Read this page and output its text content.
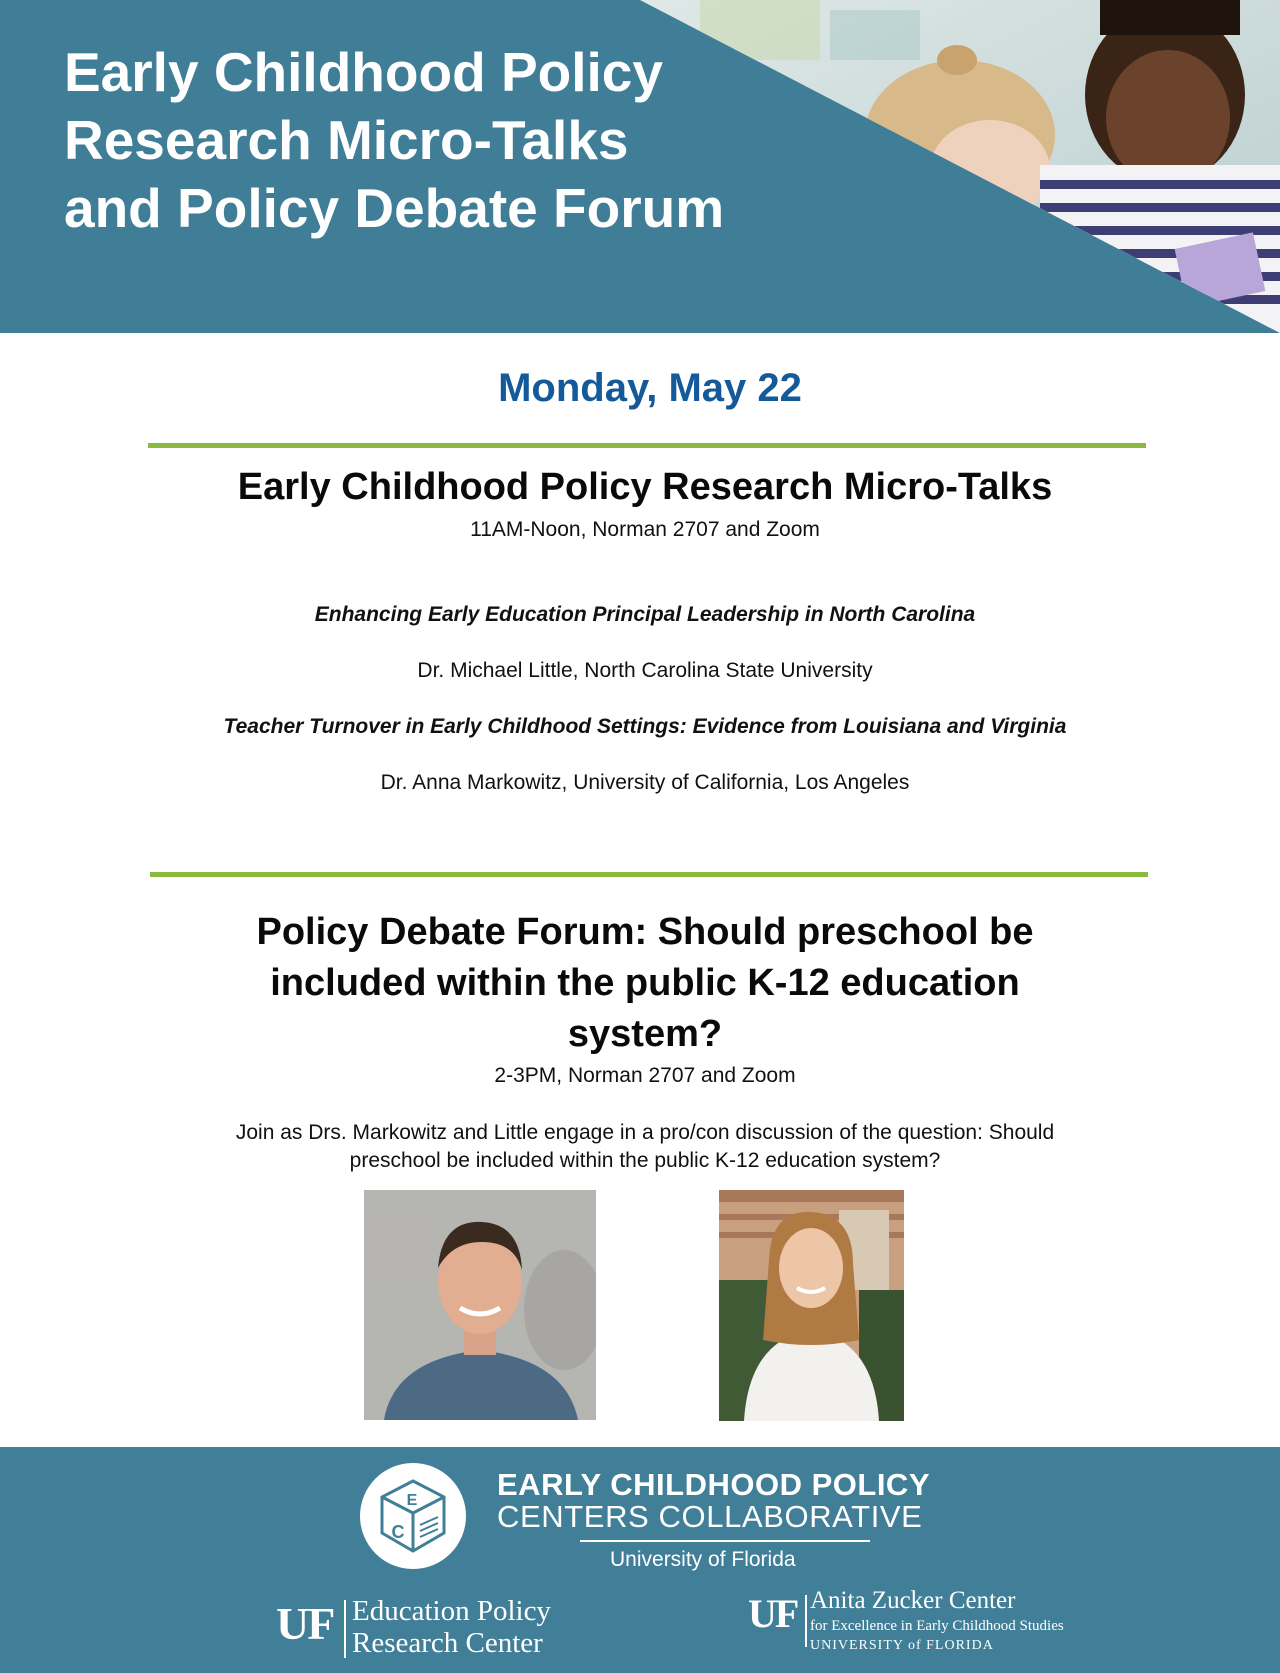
Early Childhood Policy
Research Micro-Talks
and Policy Debate Forum
Monday, May 22
Early Childhood Policy Research Micro-Talks
11AM-Noon, Norman 2707 and Zoom
Enhancing Early Education Principal Leadership in North Carolina
Dr. Michael Little, North Carolina State University
Teacher Turnover in Early Childhood Settings: Evidence from Louisiana and Virginia
Dr. Anna Markowitz, University of California, Los Angeles
Policy Debate Forum: Should preschool be
included within the public K-12 education
system?
2-3PM, Norman 2707 and Zoom
Join as Drs. Markowitz and Little engage in a pro/con discussion of the question: Should
preschool be included within the public K-12 education system?
E
C
EARLY CHILDHOOD POLICY
CENTERS COLLABORATIVE
University of Florida
UF Education Policy
Research Center
UF Anita Zucker Center
for Excellence in Early Childhood Studies
UNIVERSITY of FLORIDA
